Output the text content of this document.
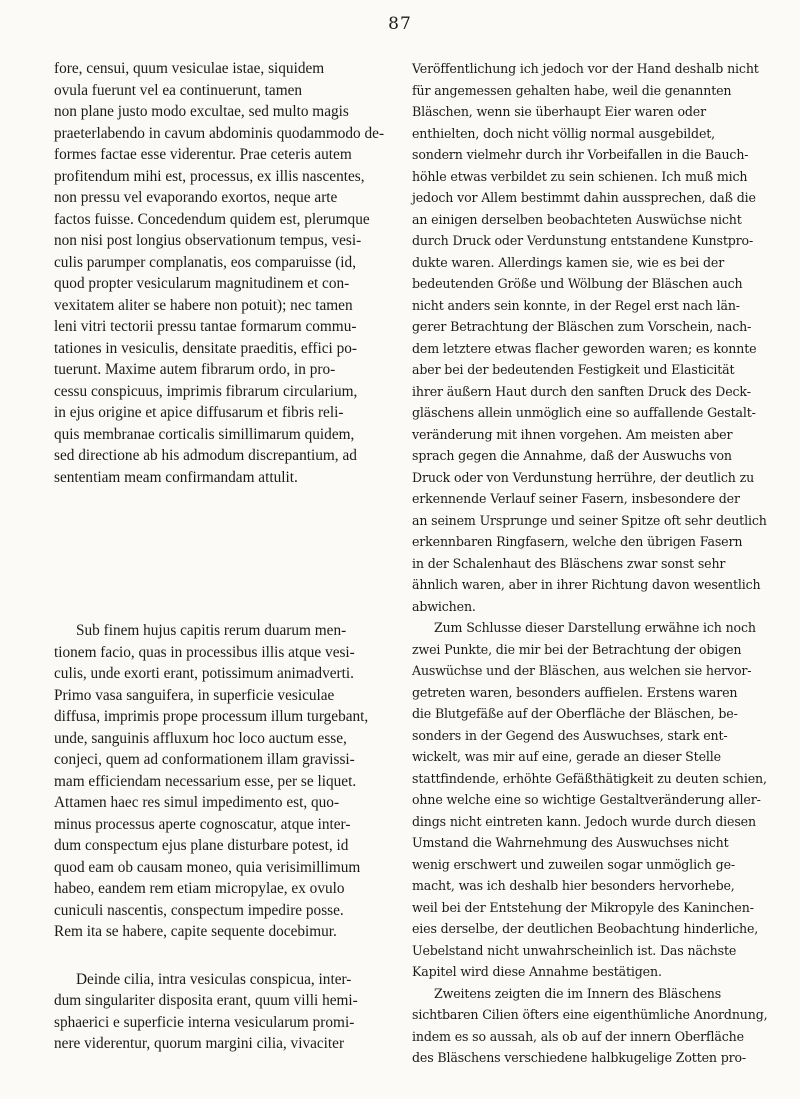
87
fore, censui, quum vesiculae istae, siquidem
ovula fuerunt vel ea continuerunt, tamen
non plane justo modo excultae, sed multo magis
praeterlabendo in cavum abdominis quodammodo de-
formes factae esse viderentur. Prae ceteris autem
profitendum mihi est, processus, ex illis nascentes,
non pressu vel evaporando exortos, neque arte
factos fuisse. Concedendum quidem est, plerumque
non nisi post longius observationum tempus, vesi-
culis parumper complanatis, eos comparuisse (id,
quod propter vesicularum magnitudinem et con-
vexitatem aliter se habere non potuit); nec tamen
leni vitri tectorii pressu tantae formarum commu-
tationes in vesiculis, densitate praeditis, effici po-
tuerunt. Maxime autem fibrarum ordo, in pro-
cessu conspicuus, imprimis fibrarum circularium,
in ejus origine et apice diffusarum et fibris reli-
quis membranae corticalis simillimarum quidem,
sed directione ab his admodum discrepantium, ad
sententiam meam confirmandam attulit.
Sub finem hujus capitis rerum duarum men-
tionem facio, quas in processibus illis atque vesi-
culis, unde exorti erant, potissimum animadverti.
Primo vasa sanguifera, in superficie vesiculae
diffusa, imprimis prope processum illum turgebant,
unde, sanguinis affluxum hoc loco auctum esse,
conjeci, quem ad conformationem illam gravissi-
mam efficiendam necessarium esse, per se liquet.
Attamen haec res simul impedimento est, quo-
minus processus aperte cognoscatur, atque inter-
dum conspectum ejus plane disturbare potest, id
quod eam ob causam moneo, quia verisimillimum
habeo, eandem rem etiam micropylae, ex ovulo
cuniculi nascentis, conspectum impedire posse.
Rem ita se habere, capite sequente docebimur.
Deinde cilia, intra vesiculas conspicua, inter-
dum singulariter disposita erant, quum villi hemi-
sphaerici e superficie interna vesicularum promi-
nere viderentur, quorum margini cilia, vivaciter
Veröffentlichung ich jedoch vor der Hand deshalb nicht
für angemessen gehalten habe, weil die genannten
Bläschen, wenn sie überhaupt Eier waren oder
enthielten, doch nicht völlig normal ausgebildet,
sondern vielmehr durch ihr Vorbeifallen in die Bauch-
höhle etwas verbildet zu sein schienen. Ich muß mich
jedoch vor Allem bestimmt dahin aussprechen, daß die
an einigen derselben beobachteten Auswüchse nicht
durch Druck oder Verdunstung entstandene Kunstpro-
dukte waren. Allerdings kamen sie, wie es bei der
bedeutenden Größe und Wölbung der Bläschen auch
nicht anders sein konnte, in der Regel erst nach län-
gerer Betrachtung der Bläschen zum Vorschein, nach-
dem letztere etwas flacher geworden waren; es konnte
aber bei der bedeutenden Festigkeit und Elasticität
ihrer äußern Haut durch den sanften Druck des Deck-
gläschens allein unmöglich eine so auffallende Gestalt-
veränderung mit ihnen vorgehen. Am meisten aber
sprach gegen die Annahme, daß der Auswuchs von
Druck oder von Verdunstung herrühre, der deutlich zu
erkennende Verlauf seiner Fasern, insbesondere der
an seinem Ursprunge und seiner Spitze oft sehr deutlich
erkennbaren Ringfasern, welche den übrigen Fasern
in der Schalenhaut des Bläschens zwar sonst sehr
ähnlich waren, aber in ihrer Richtung davon wesentlich
abwichen.
Zum Schlusse dieser Darstellung erwähne ich noch
zwei Punkte, die mir bei der Betrachtung der obigen
Auswüchse und der Bläschen, aus welchen sie hervor-
getreten waren, besonders auffielen. Erstens waren
die Blutgefäße auf der Oberfläche der Bläschen, be-
sonders in der Gegend des Auswuchses, stark ent-
wickelt, was mir auf eine, gerade an dieser Stelle
stattfindende, erhöhte Gefäßthätigkeit zu deuten schien,
ohne welche eine so wichtige Gestaltveränderung aller-
dings nicht eintreten kann. Jedoch wurde durch diesen
Umstand die Wahrnehmung des Auswuchses nicht
wenig erschwert und zuweilen sogar unmöglich ge-
macht, was ich deshalb hier besonders hervorhebe,
weil bei der Entstehung der Mikropyle des Kaninchen-
eies derselbe, der deutlichen Beobachtung hinderliche,
Uebelstand nicht unwahrscheinlich ist. Das nächste
Kapitel wird diese Annahme bestätigen.
Zweitens zeigten die im Innern des Bläschens
sichtbaren Cilien öfters eine eigenthümliche Anordnung,
indem es so aussah, als ob auf der innern Oberfläche
des Bläschens verschiedene halbkugelige Zotten pro-
